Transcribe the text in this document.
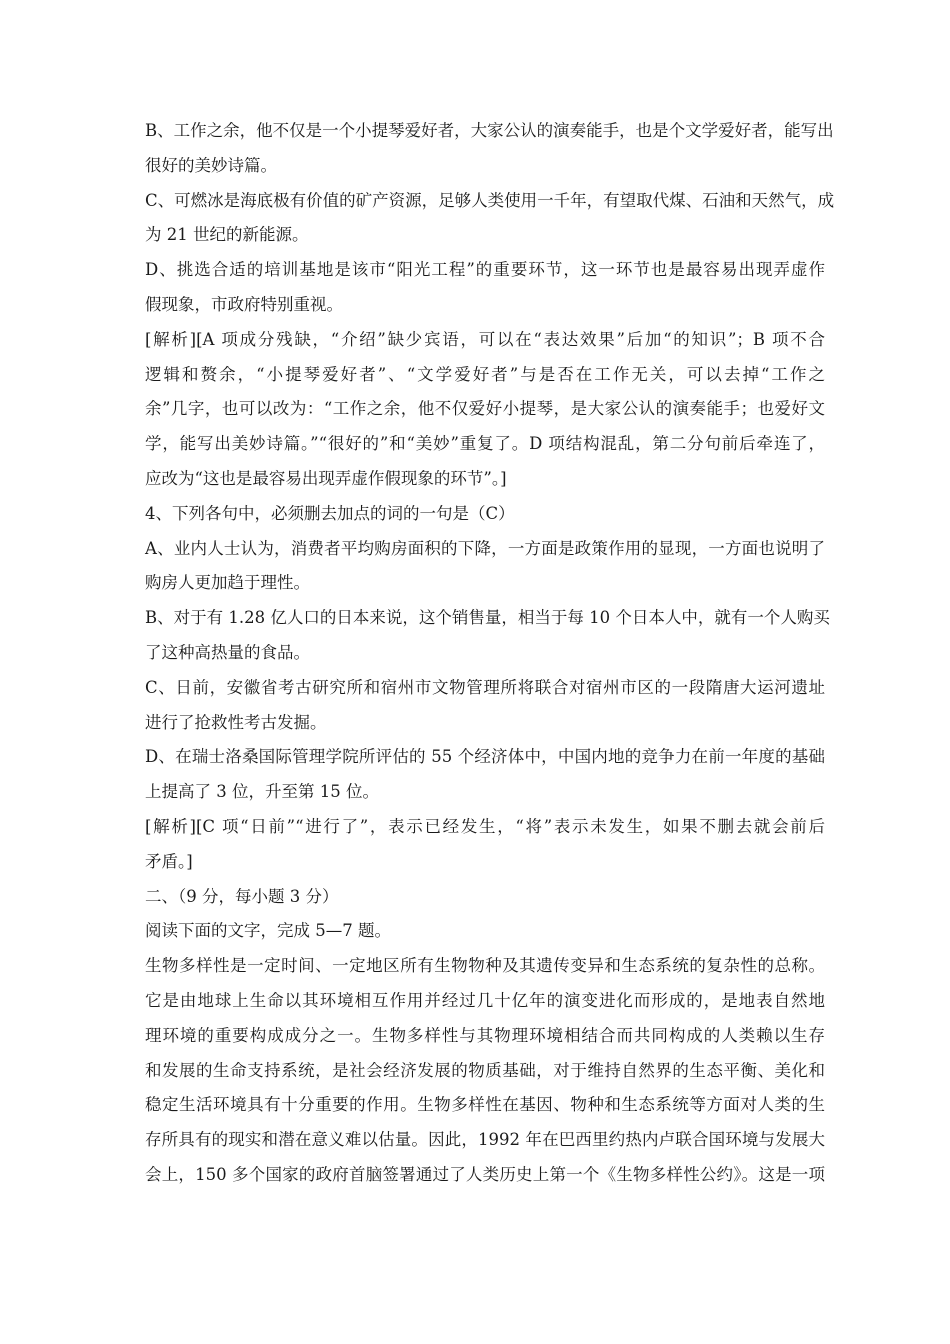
B、工作之余，他不仅是一个小提琴爱好者，大家公认的演奏能手，也是个文学爱好者，能写出
很好的美妙诗篇。
C、可燃冰是海底极有价值的矿产资源，足够人类使用一千年，有望取代煤、石油和天然气，成
为 21 世纪的新能源。
D、挑选合适的培训基地是该市“阳光工程”的重要环节，这一环节也是最容易出现弄虚作
假现象，市政府特别重视。
[解析][A 项成分残缺，“介绍”缺少宾语，可以在“表达效果”后加“的知识”；B 项不合
逻辑和赘余，“小提琴爱好者”、“文学爱好者”与是否在工作无关，可以去掉“工作之
余”几字，也可以改为：“工作之余，他不仅爱好小提琴，是大家公认的演奏能手；也爱好文
学，能写出美妙诗篇。”“很好的”和“美妙”重复了。D 项结构混乱，第二分句前后牵连了，
应改为“这也是最容易出现弄虚作假现象的环节”。]
4、下列各句中，必须删去加点的词的一句是（C）
A、业内人士认为，消费者平均购房面积的下降，一方面是政策作用的显现，一方面也说明了
购房人更加趋于理性。
B、对于有 1.28 亿人口的日本来说，这个销售量，相当于每 10 个日本人中，就有一个人购买
了这种高热量的食品。
C、日前，安徽省考古研究所和宿州市文物管理所将联合对宿州市区的一段隋唐大运河遗址
进行了抢救性考古发掘。
D、在瑞士洛桑国际管理学院所评估的 55 个经济体中，中国内地的竞争力在前一年度的基础
上提高了 3 位，升至第 15 位。
[解析][C 项“日前”“进行了”，表示已经发生，“将”表示未发生，如果不删去就会前后
矛盾。]
二、（9 分，每小题 3 分）
阅读下面的文字，完成 5—7 题。
生物多样性是一定时间、一定地区所有生物物种及其遗传变异和生态系统的复杂性的总称。
它是由地球上生命以其环境相互作用并经过几十亿年的演变进化而形成的，是地表自然地
理环境的重要构成成分之一。生物多样性与其物理环境相结合而共同构成的人类赖以生存
和发展的生命支持系统，是社会经济发展的物质基础，对于维持自然界的生态平衡、美化和
稳定生活环境具有十分重要的作用。生物多样性在基因、物种和生态系统等方面对人类的生
存所具有的现实和潜在意义难以估量。因此，1992 年在巴西里约热内卢联合国环境与发展大
会上，150 多个国家的政府首脑签署通过了人类历史上第一个《生物多样性公约》。这是一项
